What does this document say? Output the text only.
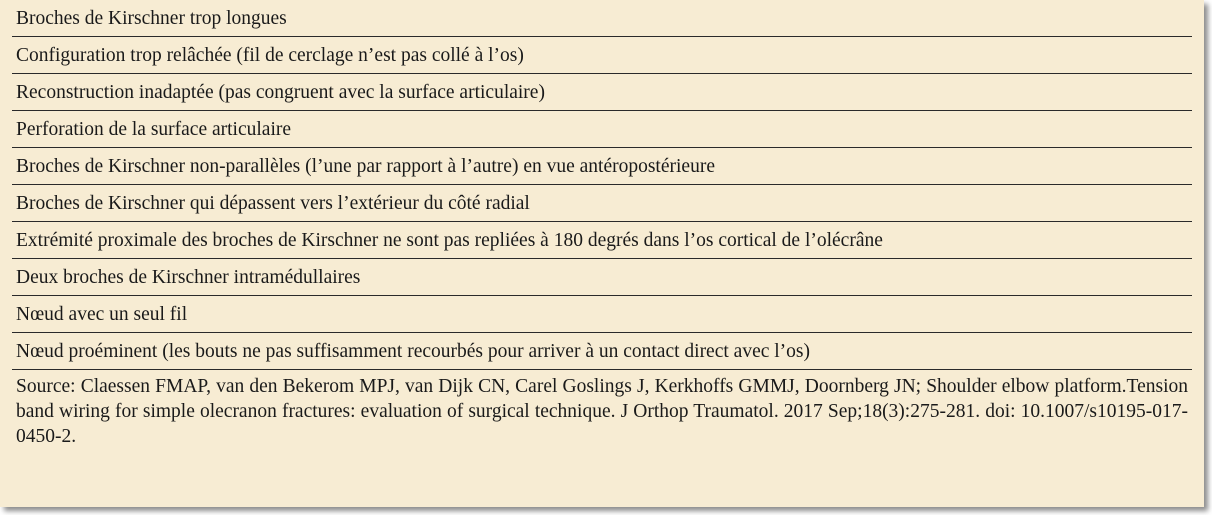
Broches de Kirschner trop longues
Configuration trop relâchée (fil de cerclage n’est pas collé à l’os)
Reconstruction inadaptée (pas congruent avec la surface articulaire)
Perforation de la surface articulaire
Broches de Kirschner non-parallèles (l’une par rapport à l’autre) en vue antéropostérieure
Broches de Kirschner qui dépassent vers l’extérieur du côté radial
Extrémité proximale des broches de Kirschner ne sont pas repliées à 180 degrés dans l’os cortical de l’olécrâne
Deux broches de Kirschner intramédullaires
Nœud avec un seul fil
Nœud proéminent (les bouts ne pas suffisamment recourbés pour arriver à un contact direct avec l’os)
Source: Claessen FMAP, van den Bekerom MPJ, van Dijk CN, Carel Goslings J, Kerkhoffs GMMJ, Doornberg JN; Shoulder elbow platform.Tension band wiring for simple olecranon fractures: evaluation of surgical technique. J Orthop Traumatol. 2017 Sep;18(3):275-281. doi: 10.1007/s10195-017-0450-2.
